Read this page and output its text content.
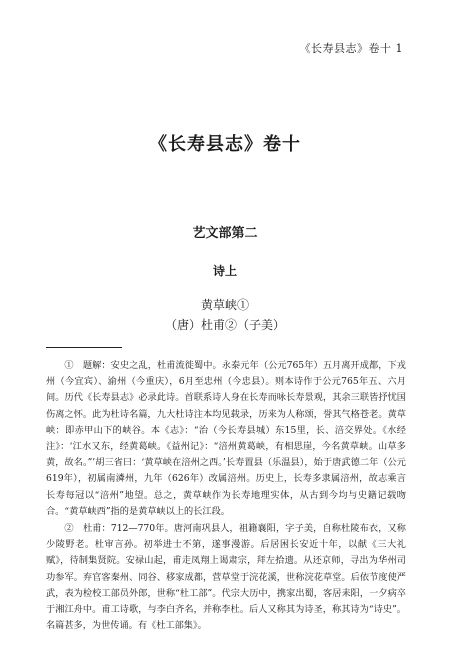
《长寿县志》卷十 1
《长寿县志》卷十
艺文部第二
诗上
黄草峡①
（唐）杜甫②（子美）

①　题解：安史之乱，杜甫流徙蜀中。永泰元年（公元765年）五月离开成都，下戎州（今宜宾）、渝州（今重庆），6月至忠州（今忠县）。则本诗作于公元765年五、六月间。历代《长寿县志》必录此诗。首联系诗人身在长寿而咏长寿景观，其余三联皆抒忧国伤离之怀。此为杜诗名篇，九大杜诗注本均见载录，历来为人称颂，誉其气格苍老。黄草峡：即赤甲山下的峡谷。本《志》：“治（今长寿县城）东15里，长、涪交界处。《水经注》：‘江水又东，经黄葛峡。《益州记》：“涪州黄葛峡，有相思崖，今名黄草峡。山草多黄，故名。”’胡三省曰：‘黄草峡在涪州之西。’长寿置县（乐温县），始于唐武德二年（公元619年），初属南潾州，九年（626年）改属涪州。历史上，长寿多隶属涪州，故志乘言长寿每冠以“涪州”地望。总之，黄草峡作为长寿地理实体，从古到今均与史籍记载吻合。“黄草峡西”指的是黄草峡以上的长江段。

②　杜甫：712—770年。唐河南巩县人，祖籍襄阳，字子美，自称杜陵布衣，又称少陵野老。杜审言孙。初举进士不第，遂事漫游。后居困长安近十年，以献《三大礼赋》，待制集贤院。安禄山起，甫走凤翔上谒肃宗，拜左拾遗。从还京师，寻出为华州司功参军。弃官客秦州、同谷、移家成都，营草堂于浣花溪，世称浣花草堂。后依节度使严武，表为检校工部员外郎，世称“杜工部”。代宗大历中，携家出蜀，客居耒阳，一夕病卒于湘江舟中。甫工诗歌，与李白齐名，并称李杜。后人又称其为诗圣，称其诗为“诗史”。名篇甚多，为世传诵。有《杜工部集》。
